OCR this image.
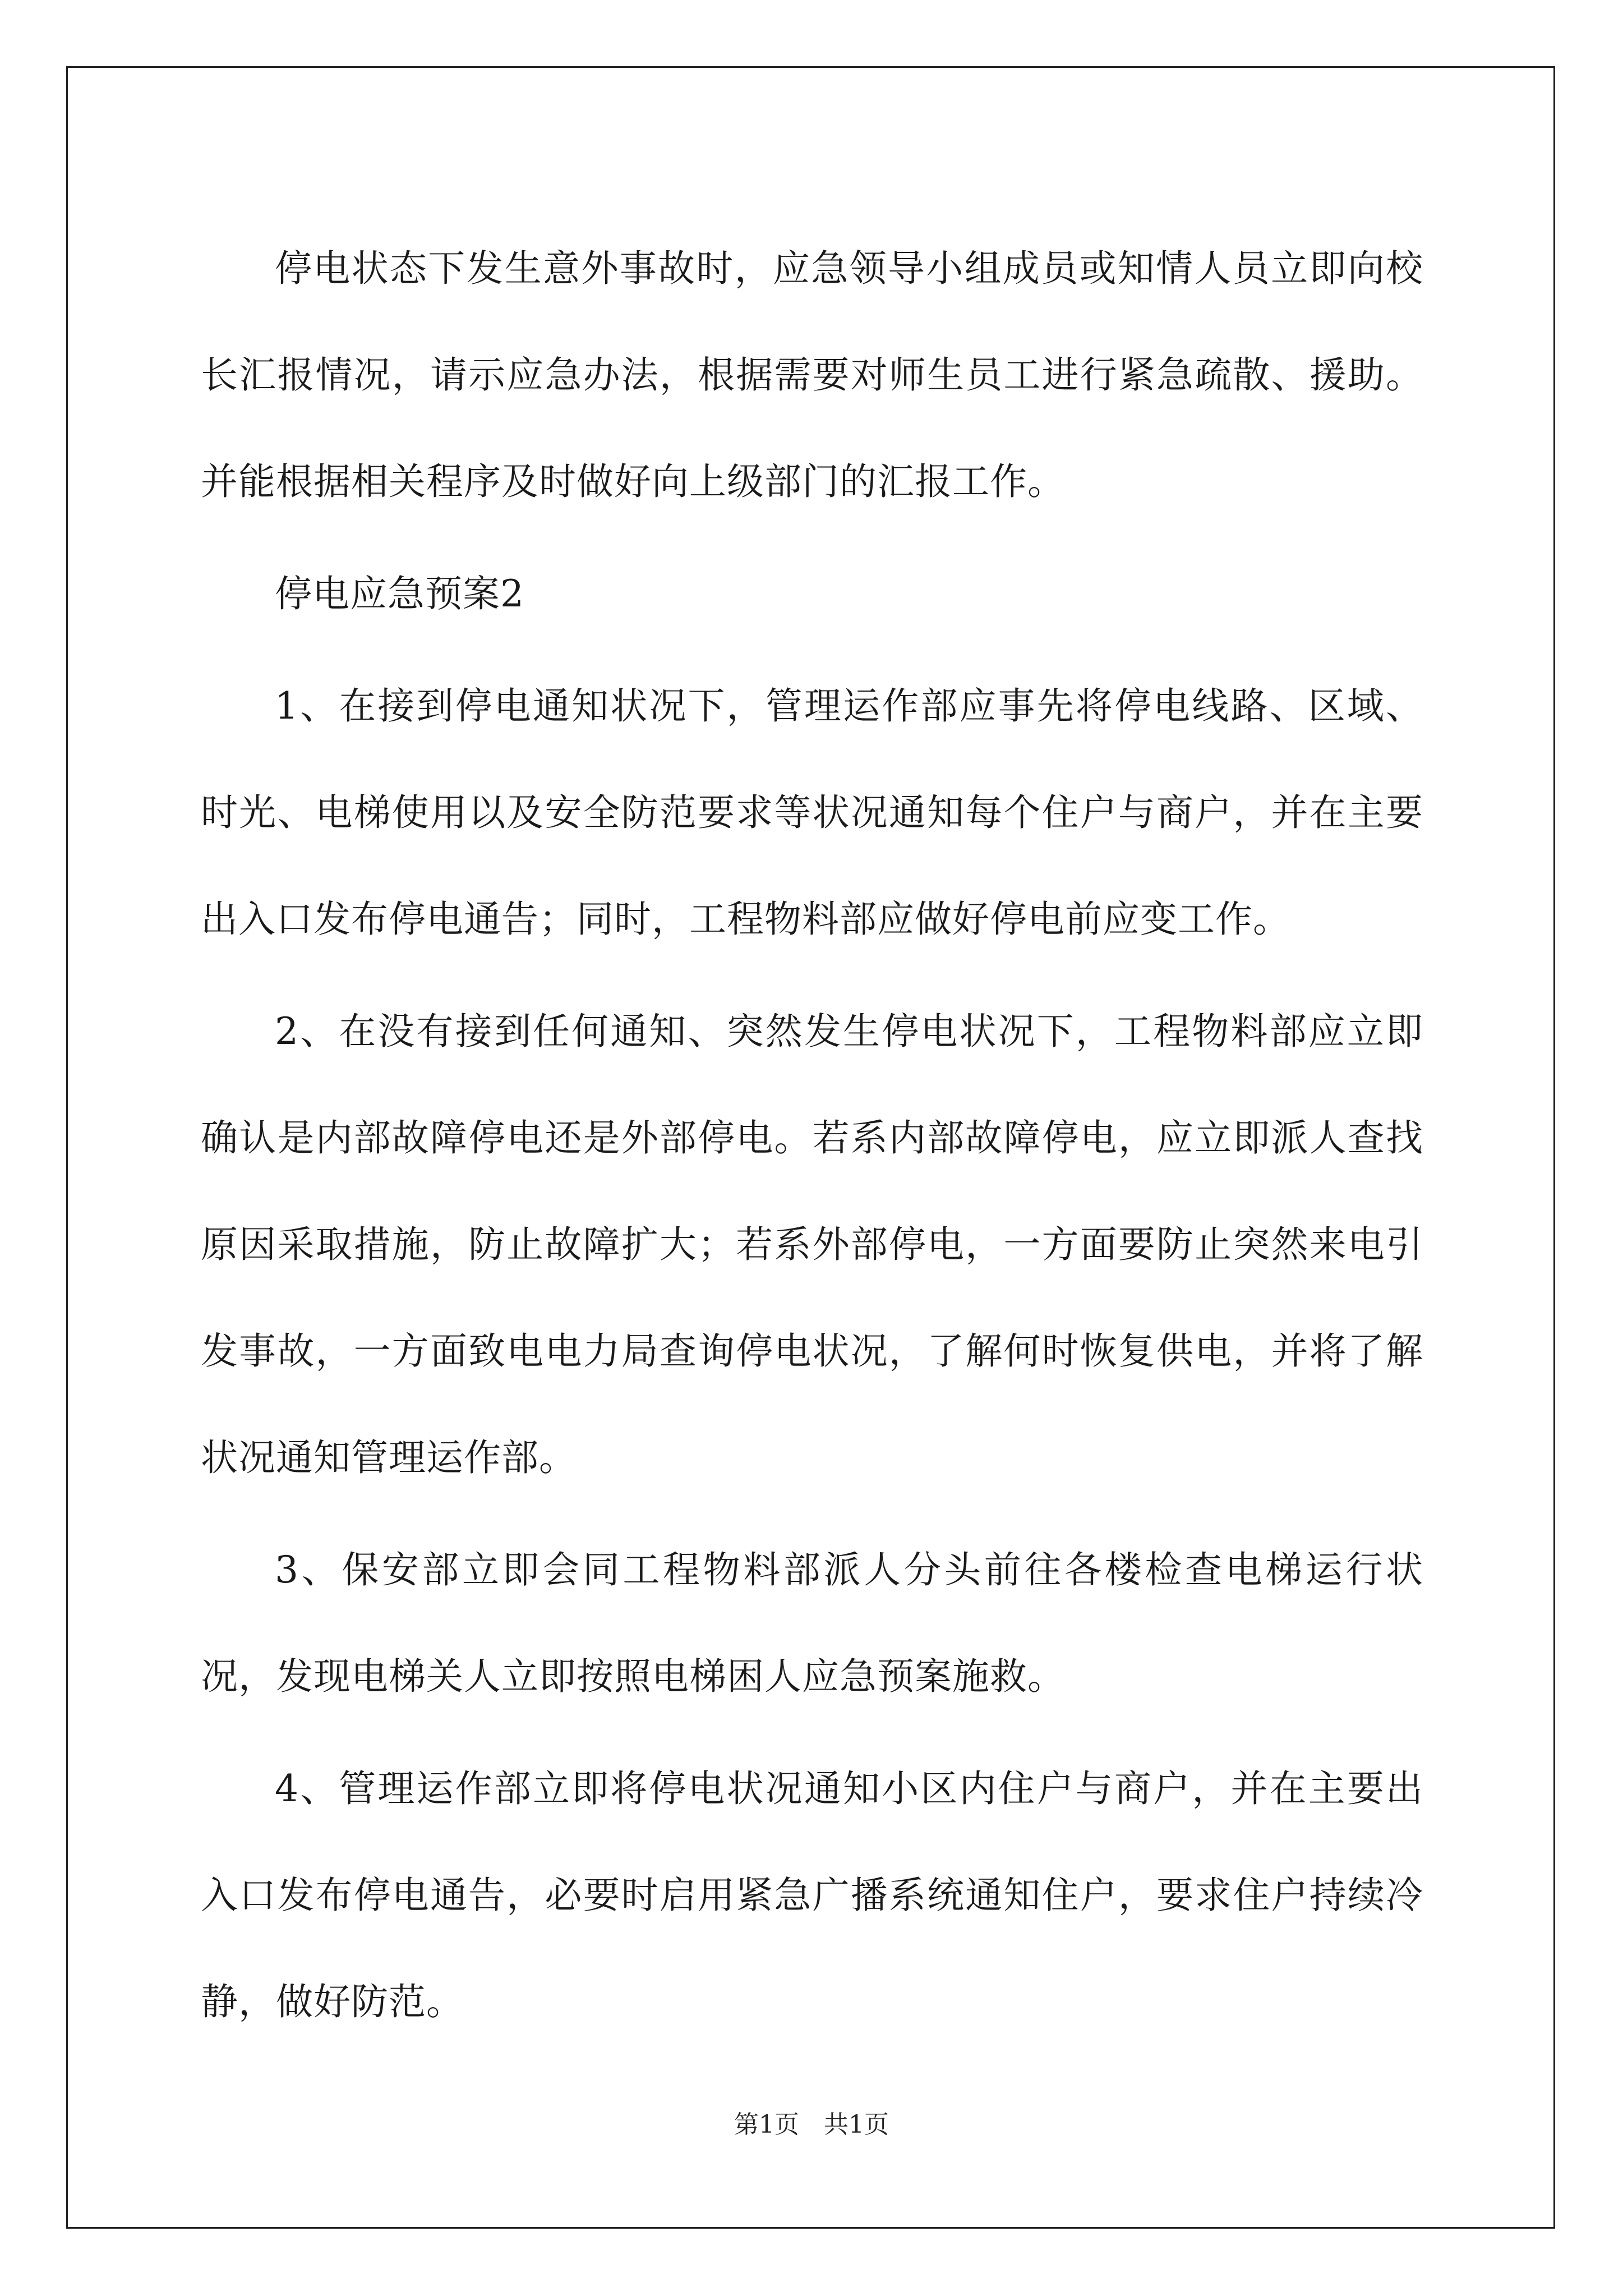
停电状态下发生意外事故时，应急领导小组成员或知情人员立即向校长汇报情况，请示应急办法，根据需要对师生员工进行紧急疏散、援助。并能根据相关程序及时做好向上级部门的汇报工作。

停电应急预案2

1、在接到停电通知状况下，管理运作部应事先将停电线路、区域、时光、电梯使用以及安全防范要求等状况通知每个住户与商户，并在主要出入口发布停电通告；同时，工程物料部应做好停电前应变工作。

2、在没有接到任何通知、突然发生停电状况下，工程物料部应立即确认是内部故障停电还是外部停电。若系内部故障停电，应立即派人查找原因采取措施，防止故障扩大；若系外部停电，一方面要防止突然来电引发事故，一方面致电电力局查询停电状况，了解何时恢复供电，并将了解状况通知管理运作部。

3、保安部立即会同工程物料部派人分头前往各楼检查电梯运行状况，发现电梯关人立即按照电梯困人应急预案施救。

4、管理运作部立即将停电状况通知小区内住户与商户，并在主要出入口发布停电通告，必要时启用紧急广播系统通知住户，要求住户持续冷静，做好防范。

第1页　共1页
